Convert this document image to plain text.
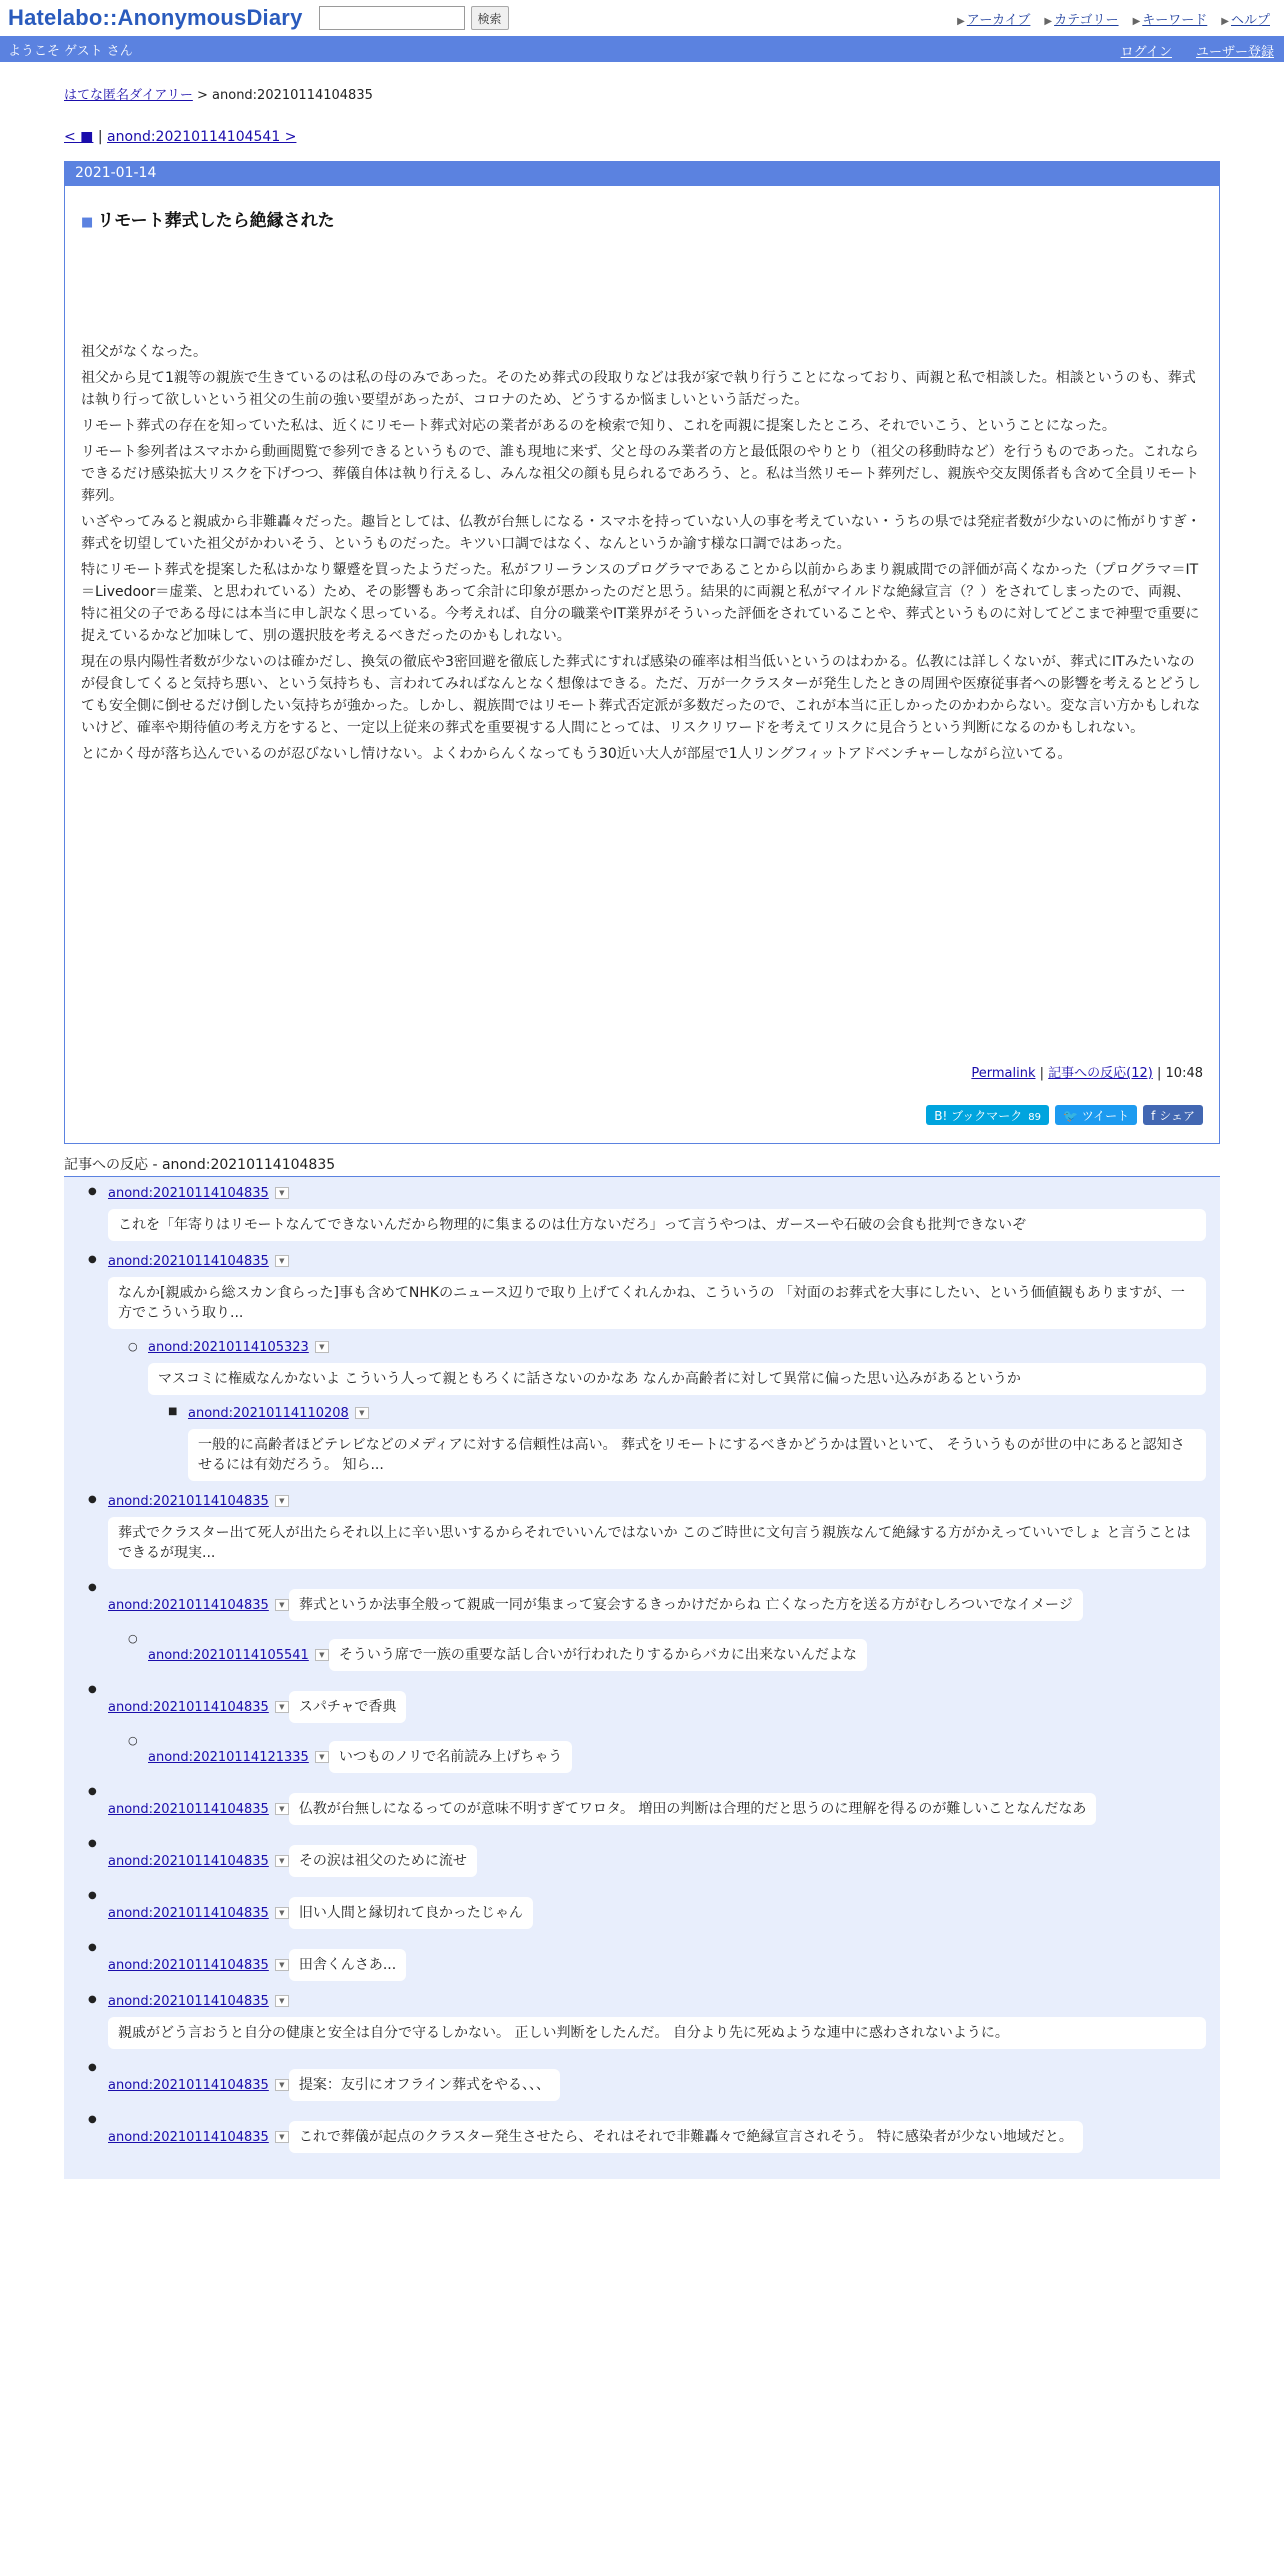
Hatelabo::AnonymousDiary	検索	▶ アーカイブ ▶ カテゴリー ▶ キーワード ▶ ヘルプ
ようこそ ゲスト さん	ログイン ユーザー登録
はてな匿名ダイアリー > anond:20210114104835
< ■ | anond:20210114104541 >
2021-01-14
■ リモート葬式したら絶縁された

祖父がなくなった。

祖父から見て1親等の親族で生きているのは私の母のみであった。そのため葬式の段取りなどは我が家で執り行うことになっており、両親と私で相談した。相談というのも、葬式は執り行って欲しいという祖父の生前の強い要望があったが、コロナのため、どうするか悩ましいという話だった。

リモート葬式の存在を知っていた私は、近くにリモート葬式対応の業者があるのを検索で知り、これを両親に提案したところ、それでいこう、ということになった。

リモート参列者はスマホから動画閲覧で参列できるというもので、誰も現地に来ず、父と母のみ業者の方と最低限のやりとり（祖父の移動時など）を行うものであった。これならできるだけ感染拡大リスクを下げつつ、葬儀自体は執り行えるし、みんな祖父の顔も見られるであろう、と。私は当然リモート葬列だし、親族や交友関係者も含めて全員リモート葬列。

いざやってみると親戚から非難轟々だった。趣旨としては、仏教が台無しになる・スマホを持っていない人の事を考えていない・うちの県では発症者数が少ないのに怖がりすぎ・葬式を切望していた祖父がかわいそう、というものだった。キツい口調ではなく、なんというか諭す様な口調ではあった。

特にリモート葬式を提案した私はかなり顰蹙を買ったようだった。私がフリーランスのプログラマであることから以前からあまり親戚間での評価が高くなかった（プログラマ＝IT＝Livedoor＝虚業、と思われている）ため、その影響もあって余計に印象が悪かったのだと思う。結果的に両親と私がマイルドな絶縁宣言（？）をされてしまったので、両親、特に祖父の子である母には本当に申し訳なく思っている。今考えれば、自分の職業やIT業界がそういった評価をされていることや、葬式というものに対してどこまで神聖で重要に捉えているかなど加味して、別の選択肢を考えるべきだったのかもしれない。

現在の県内陽性者数が少ないのは確かだし、換気の徹底や3密回避を徹底した葬式にすれば感染の確率は相当低いというのはわかる。仏教には詳しくないが、葬式にITみたいなのが侵食してくると気持ち悪い、という気持ちも、言われてみればなんとなく想像はできる。ただ、万が一クラスターが発生したときの周囲や医療従事者への影響を考えるとどうしても安全側に倒せるだけ倒したい気持ちが強かった。しかし、親族間ではリモート葬式否定派が多数だったので、これが本当に正しかったのかわからない。変な言い方かもしれないけど、確率や期待値の考え方をすると、一定以上従来の葬式を重要視する人間にとっては、リスクリワードを考えてリスクに見合うという判断になるのかもしれない。

とにかく母が落ち込んでいるのが忍びないし情けない。よくわからんくなってもう30近い大人が部屋で1人リングフィットアドベンチャーしながら泣いてる。

Permalink | 記事への反応(12) | 10:48
B! ブックマーク 89	🐦 ツイート	f シェア
記事への反応 - anond:20210114104835
● anond:20210114104835 ▼
これを「年寄りはリモートなんてできないんだから物理的に集まるのは仕方ないだろ」って言うやつは、ガースーや石破の会食も批判できないぞ
● anond:20210114104835 ▼
なんか[親戚から総スカン食らった]事も含めてNHKのニュース辺りで取り上げてくれんかね、こういうの 「対面のお葬式を大事にしたい、という価値観もありますが、一方でこういう取り...
○ anond:20210114105323 ▼
マスコミに権威なんかないよ こういう人って親ともろくに話さないのかなあ なんか高齢者に対して異常に偏った思い込みがあるというか
■ anond:20210114110208 ▼
一般的に高齢者ほどテレビなどのメディアに対する信頼性は高い。 葬式をリモートにするべきかどうかは置いといて、 そういうものが世の中にあると認知させるには有効だろう。 知ら...
● anond:20210114104835 ▼
葬式でクラスター出て死人が出たらそれ以上に辛い思いするからそれでいいんではないか このご時世に文句言う親族なんて絶縁する方がかえっていいでしょ と言うことはできるが現実...
● anond:20210114104835 ▼ 葬式というか法事全般って親戚一同が集まって宴会するきっかけだからね 亡くなった方を送る方がむしろついでなイメージ
○ anond:20210114105541 ▼ そういう席で一族の重要な話し合いが行われたりするからバカに出来ないんだよな
● anond:20210114104835 ▼ スパチャで香典
○ anond:20210114121335 ▼ いつものノリで名前読み上げちゃう
● anond:20210114104835 ▼ 仏教が台無しになるってのが意味不明すぎてワロタ。 増田の判断は合理的だと思うのに理解を得るのが難しいことなんだなあ
● anond:20210114104835 ▼ その涙は祖父のために流せ
● anond:20210114104835 ▼ 旧い人間と縁切れて良かったじゃん
● anond:20210114104835 ▼ 田舎くんさあ...
● anond:20210114104835 ▼
親戚がどう言おうと自分の健康と安全は自分で守るしかない。 正しい判断をしたんだ。 自分より先に死ぬような連中に惑わされないように。
● anond:20210114104835 ▼ 提案：友引にオフライン葬式をやる、、、
● anond:20210114104835 ▼ これで葬儀が起点のクラスター発生させたら、それはそれで非難轟々で絶縁宣言されそう。 特に感染者が少ない地域だと。
